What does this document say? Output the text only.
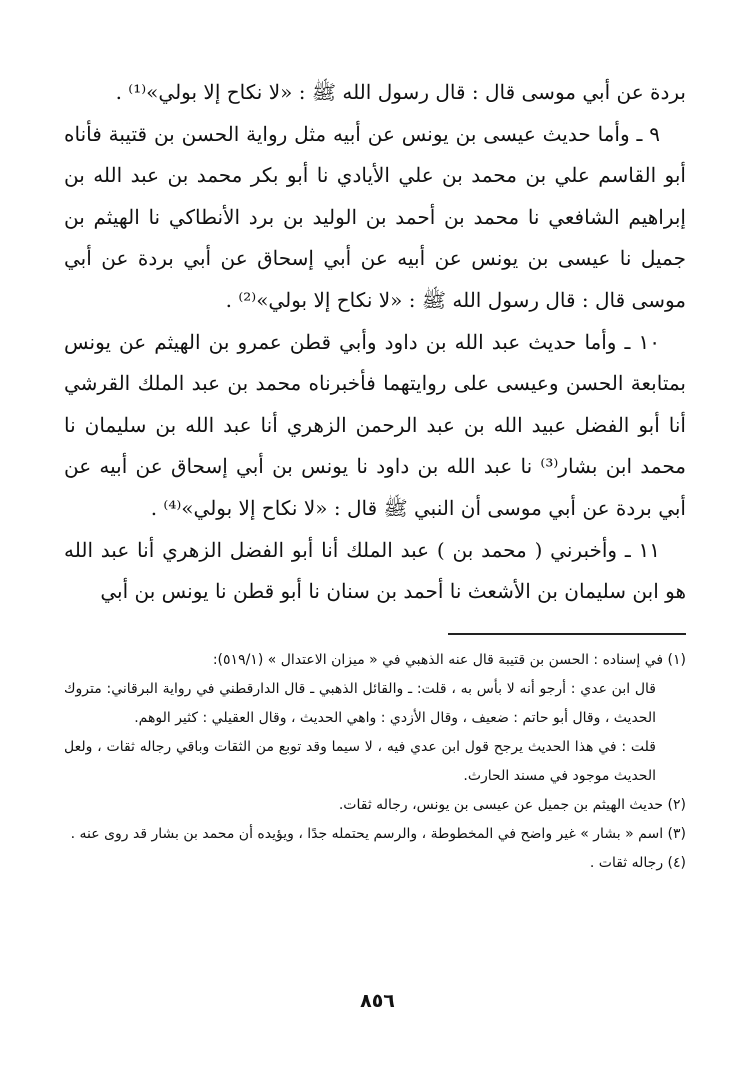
بردة عن أبي موسى قال : قال رسول الله ﷺ : «لا نكاح إلا بولي»⁽¹⁾ .

٩ ـ وأما حديث عيسى بن يونس عن أبيه مثل رواية الحسن بن قتيبة فأناه أبو القاسم علي بن محمد بن علي الأيادي نا أبو بكر محمد بن عبد الله بن إبراهيم الشافعي نا محمد بن أحمد بن الوليد بن برد الأنطاكي نا الهيثم بن جميل نا عيسى بن يونس عن أبيه عن أبي إسحاق عن أبي بردة عن أبي موسى قال : قال رسول الله ﷺ : «لا نكاح إلا بولي»⁽²⁾ .

١٠ ـ وأما حديث عبد الله بن داود وأبي قطن عمرو بن الهيثم عن يونس بمتابعة الحسن وعيسى على روايتهما فأخبرناه محمد بن عبد الملك القرشي أنا أبو الفضل عبيد الله بن عبد الرحمن الزهري أنا عبد الله بن سليمان نا محمد ابن بشار⁽³⁾ نا عبد الله بن داود نا يونس بن أبي إسحاق عن أبيه عن أبي بردة عن أبي موسى أن النبي ﷺ قال : «لا نكاح إلا بولي»⁽⁴⁾ .

١١ ـ وأخبرني ( محمد بن ) عبد الملك أنا أبو الفضل الزهري أنا عبد الله هو ابن سليمان بن الأشعث نا أحمد بن سنان نا أبو قطن نا يونس بن أبي

(١) في إسناده : الحسن بن قتيبة قال عنه الذهبي في « ميزان الاعتدال » (٥١٩/١):

قال ابن عدي : أرجو أنه لا بأس به ، قلت: ـ والقائل الذهبي ـ قال الدارقطني في رواية البرقاني: متروك الحديث ، وقال أبو حاتم : ضعيف ، وقال الأزدي : واهي الحديث ، وقال العقيلي : كثير الوهم.

قلت : في هذا الحديث يرجح قول ابن عدي فيه ، لا سيما وقد توبع من الثقات وباقي رجاله ثقات ، ولعل الحديث موجود في مسند الحارث.

(٢) حديث الهيثم بن جميل عن عيسى بن يونس، رجاله ثقات.

(٣) اسم « بشار » غير واضح في المخطوطة ، والرسم يحتمله جدًا ، ويؤيده أن محمد بن بشار قد روى عنه .

(٤) رجاله ثقات .

٨٥٦
